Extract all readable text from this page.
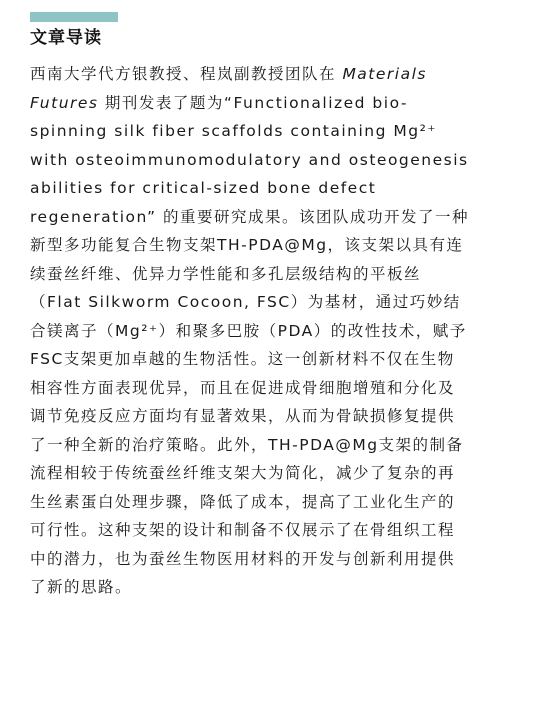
文章导读
西南大学代方银教授、程岚副教授团队在 Materials
Futures 期刊发表了题为“Functionalized bio-
spinning silk fiber scaffolds containing Mg²⁺
with osteoimmunomodulatory and osteogenesis
abilities for critical-sized bone defect
regeneration” 的重要研究成果。该团队成功开发了一种
新型多功能复合生物支架TH-PDA@Mg，该支架以具有连
续蚕丝纤维、优异力学性能和多孔层级结构的平板丝
（Flat Silkworm Cocoon, FSC）为基材，通过巧妙结
合镁离子（Mg²⁺）和聚多巴胺（PDA）的改性技术，赋予
FSC支架更加卓越的生物活性。这一创新材料不仅在生物
相容性方面表现优异，而且在促进成骨细胞增殖和分化及
调节免疫反应方面均有显著效果，从而为骨缺损修复提供
了一种全新的治疗策略。此外，TH-PDA@Mg支架的制备
流程相较于传统蚕丝纤维支架大为简化，减少了复杂的再
生丝素蛋白处理步骤，降低了成本，提高了工业化生产的
可行性。这种支架的设计和制备不仅展示了在骨组织工程
中的潜力，也为蚕丝生物医用材料的开发与创新利用提供
了新的思路。
